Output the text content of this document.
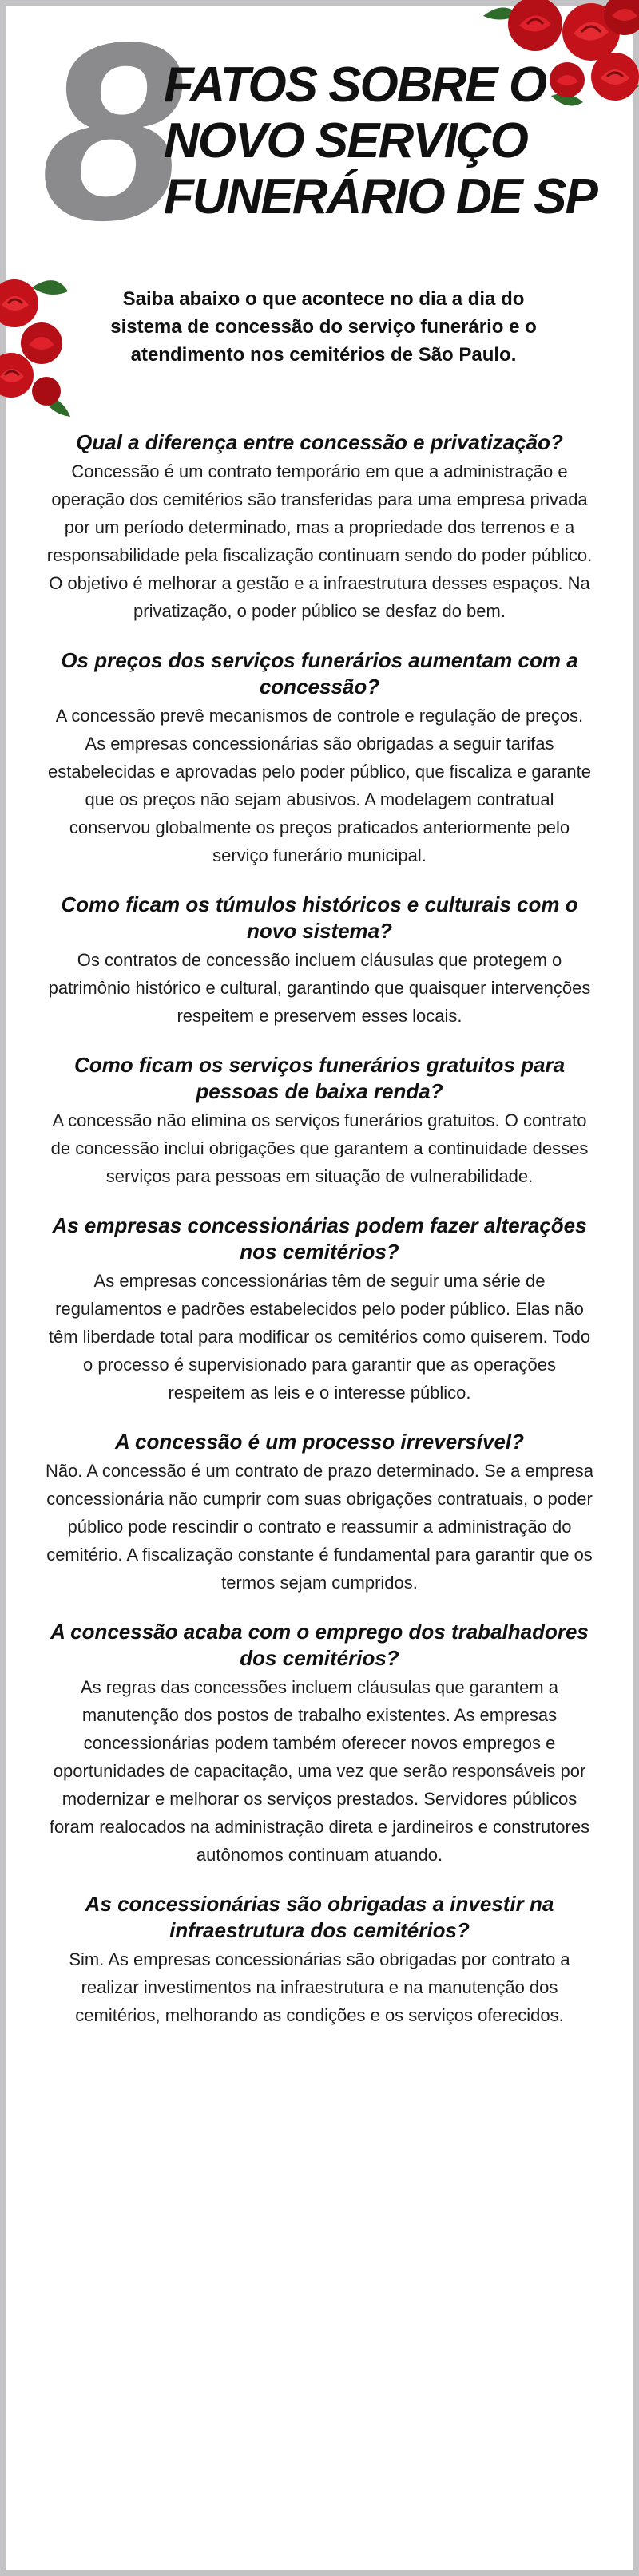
8
FATOS SOBRE O
NOVO SERVIÇO
FUNERÁRIO DE SP
Saiba abaixo o que acontece no dia a dia do sistema de concessão do serviço funerário e o atendimento nos cemitérios de São Paulo.

Qual a diferença entre concessão e privatização?

Concessão é um contrato temporário em que a administração e operação dos cemitérios são transferidas para uma empresa privada por um período determinado, mas a propriedade dos terrenos e a responsabilidade pela fiscalização continuam sendo do poder público. O objetivo é melhorar a gestão e a infraestrutura desses espaços. Na privatização, o poder público se desfaz do bem.

Os preços dos serviços funerários aumentam com a concessão?

A concessão prevê mecanismos de controle e regulação de preços. As empresas concessionárias são obrigadas a seguir tarifas estabelecidas e aprovadas pelo poder público, que fiscaliza e garante que os preços não sejam abusivos. A modelagem contratual conservou globalmente os preços praticados anteriormente pelo serviço funerário municipal.

Como ficam os túmulos históricos e culturais com o novo sistema?

Os contratos de concessão incluem cláusulas que protegem o patrimônio histórico e cultural, garantindo que quaisquer intervenções respeitem e preservem esses locais.

Como ficam os serviços funerários gratuitos para pessoas de baixa renda?

A concessão não elimina os serviços funerários gratuitos. O contrato de concessão inclui obrigações que garantem a continuidade desses serviços para pessoas em situação de vulnerabilidade.

As empresas concessionárias podem fazer alterações nos cemitérios?

As empresas concessionárias têm de seguir uma série de regulamentos e padrões estabelecidos pelo poder público. Elas não têm liberdade total para modificar os cemitérios como quiserem. Todo o processo é supervisionado para garantir que as operações respeitem as leis e o interesse público.

A concessão é um processo irreversível?

Não. A concessão é um contrato de prazo determinado. Se a empresa concessionária não cumprir com suas obrigações contratuais, o poder público pode rescindir o contrato e reassumir a administração do cemitério. A fiscalização constante é fundamental para garantir que os termos sejam cumpridos.

A concessão acaba com o emprego dos trabalhadores dos cemitérios?

As regras das concessões incluem cláusulas que garantem a manutenção dos postos de trabalho existentes. As empresas concessionárias podem também oferecer novos empregos e oportunidades de capacitação, uma vez que serão responsáveis por modernizar e melhorar os serviços prestados. Servidores públicos foram realocados na administração direta e jardineiros e construtores autônomos continuam atuando.

As concessionárias são obrigadas a investir na infraestrutura dos cemitérios?

Sim. As empresas concessionárias são obrigadas por contrato a realizar investimentos na infraestrutura e na manutenção dos cemitérios, melhorando as condições e os serviços oferecidos.
